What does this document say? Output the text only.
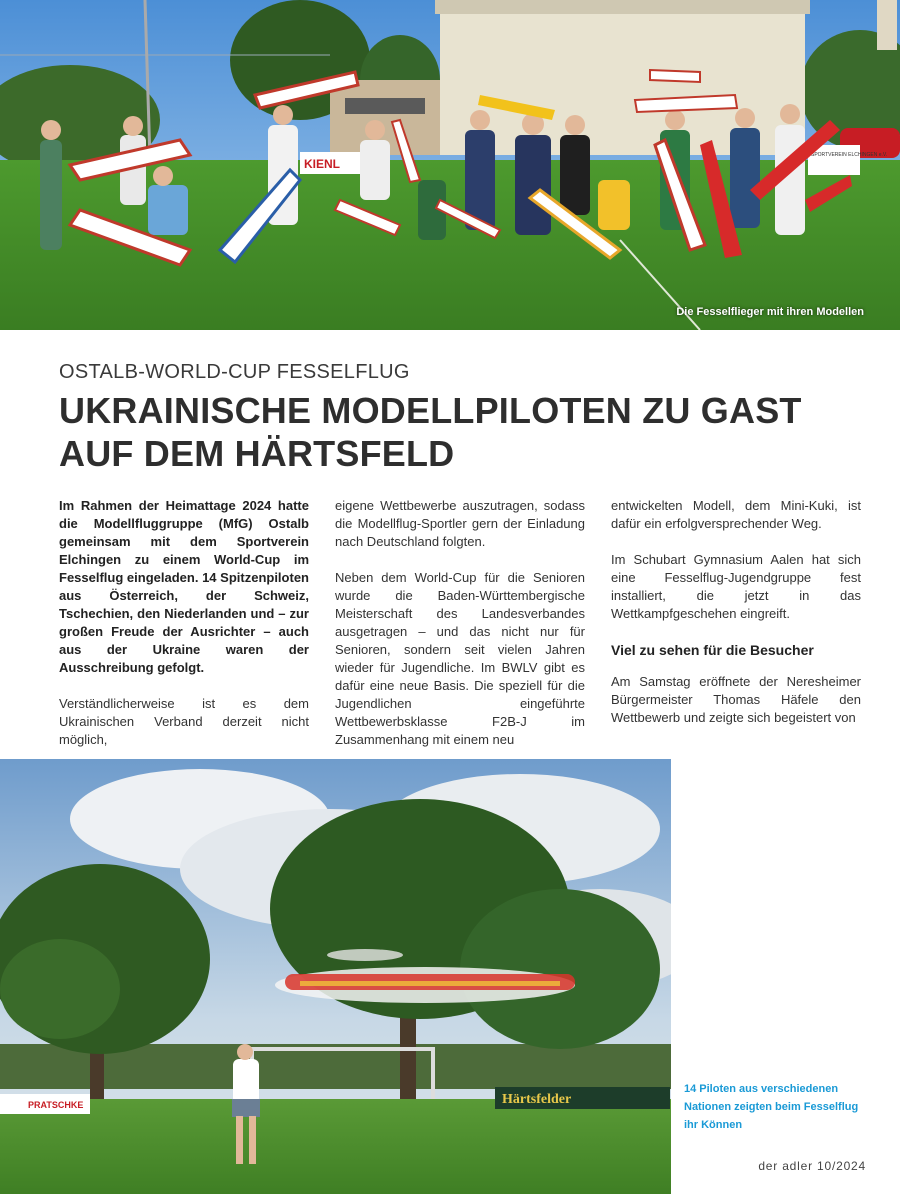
KIENL
SPORTVEREIN ELCHINGEN e.V.
Die Fesselflieger mit ihren Modellen
OSTALB-WORLD-CUP FESSELFLUG
UKRAINISCHE MODELLPILOTEN ZU GAST AUF DEM HÄRTSFELD

Im Rahmen der Heimattage 2024 hatte die Modellfluggruppe (MfG) Ostalb gemeinsam mit dem Sportverein Elchingen zu einem World-Cup im Fesselflug eingeladen. 14 Spitzenpiloten aus Österreich, der Schweiz, Tschechien, den Niederlanden und – zur großen Freude der Ausrichter – auch aus der Ukraine waren der Ausschreibung gefolgt.

Verständlicherweise ist es dem Ukrainischen Verband derzeit nicht möglich,

eigene Wettbewerbe auszutragen, sodass die Modellflug-Sportler gern der Einladung nach Deutschland folgten.

Neben dem World-Cup für die Senioren wurde die Baden-Württembergische Meisterschaft des Landesverbandes ausgetragen – und das nicht nur für Senioren, sondern seit vielen Jahren wieder für Jugendliche. Im BWLV gibt es dafür eine neue Basis. Die speziell für die Jugendlichen eingeführte Wettbewerbsklasse F2B-J im Zusammenhang mit einem neu

entwickelten Modell, dem Mini-Kuki, ist dafür ein erfolgversprechender Weg.

Im Schubart Gymnasium Aalen hat sich eine Fesselflug-Jugendgruppe fest installiert, die jetzt in das Wettkampfgeschehen eingreift.

Viel zu sehen für die Besucher

Am Samstag eröffnete der Neresheimer Bürgermeister Thomas Häfele den Wettbewerb und zeigte sich begeistert von

PRATSCHKE	Härtsfelder
14 Piloten aus verschiedenen Nationen zeigten beim Fesselflug ihr Können
der adler 10/2024
